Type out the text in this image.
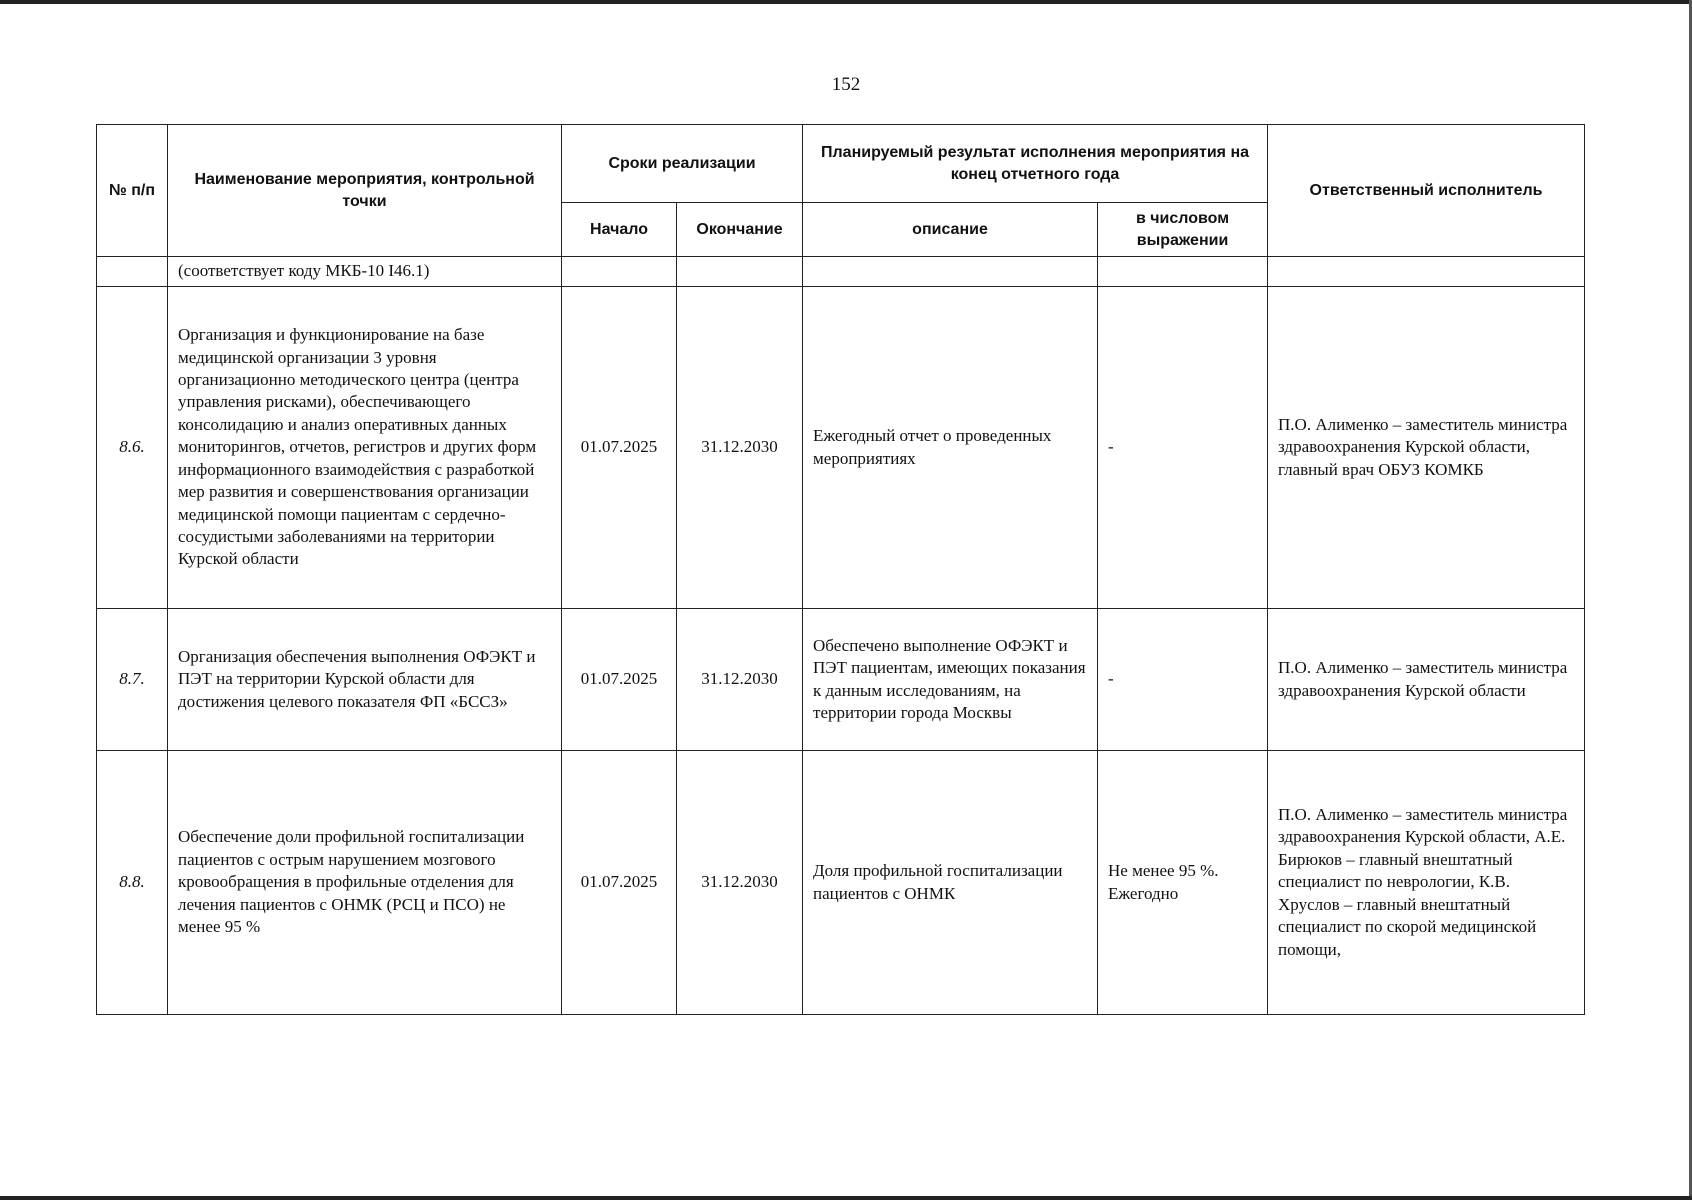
152
№ п/п	Наименование мероприятия, контрольной точки	Сроки реализации		Планируемый результат исполнения мероприятия на конец отчетного года		Ответственный исполнитель
		Начало	Окончание	описание	в числовом выражении	
	(соответствует коду МКБ-10 I46.1)					
8.6.	Организация и функционирование на базе медицинской организации 3 уровня организационно методического центра (центра управления рисками), обеспечивающего консолидацию и анализ оперативных данных мониторингов, отчетов, регистров и других форм информационного взаимодействия с разработкой мер развития и совершенствования организации медицинской помощи пациентам с сердечно-сосудистыми заболеваниями на территории Курской области	01.07.2025	31.12.2030	Ежегодный отчет о проведенных мероприятиях	-	П.О. Алименко – заместитель министра здравоохранения Курской области, главный врач ОБУЗ КОМКБ
8.7.	Организация обеспечения выполнения ОФЭКТ и ПЭТ на территории Курской области для достижения целевого показателя ФП «БССЗ»	01.07.2025	31.12.2030	Обеспечено выполнение ОФЭКТ и ПЭТ пациентам, имеющих показания к данным исследованиям, на территории города Москвы	-	П.О. Алименко – заместитель министра здравоохранения Курской области
8.8.	Обеспечение доли профильной госпитализации пациентов с острым нарушением мозгового кровообращения в профильные отделения для лечения пациентов с ОНМК (РСЦ и ПСО) не менее 95 %	01.07.2025	31.12.2030	Доля профильной госпитализации пациентов с ОНМК	Не менее 95 %. Ежегодно	П.О. Алименко – заместитель министра здравоохранения Курской области, А.Е. Бирюков – главный внештатный специалист по неврологии, К.В. Хруслов – главный внештатный специалист по скорой медицинской помощи,
